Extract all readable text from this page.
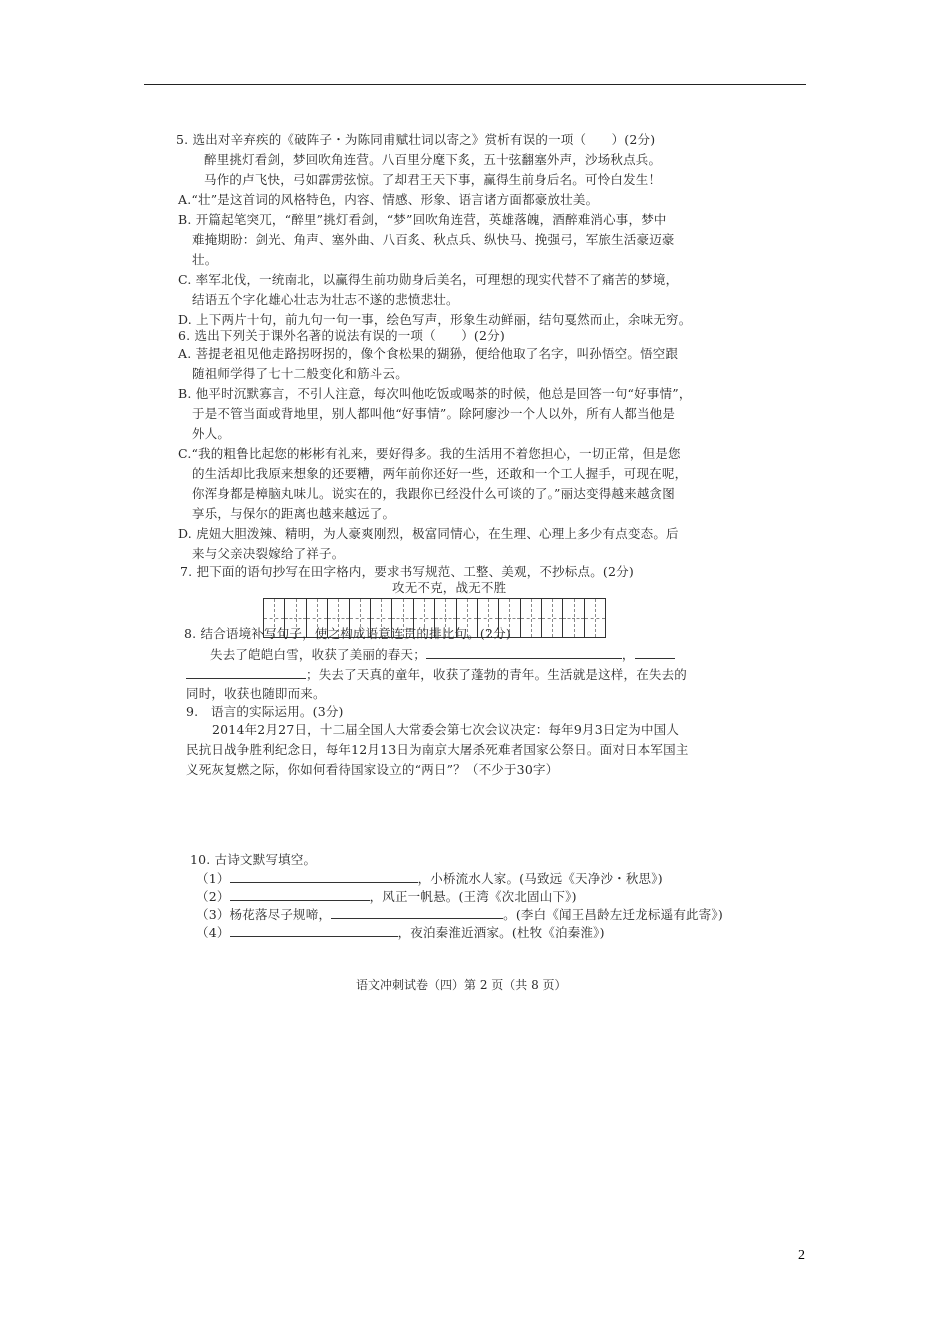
5. 选出对辛弃疾的《破阵子・为陈同甫赋壮词以寄之》赏析有误的一项（　　）(2分)
醉里挑灯看剑，梦回吹角连营。八百里分麾下炙，五十弦翻塞外声，沙场秋点兵。
马作的卢飞快，弓如霹雳弦惊。了却君王天下事，赢得生前身后名。可怜白发生！
A.“壮”是这首词的风格特色，内容、情感、形象、语言诸方面都豪放壮美。
B. 开篇起笔突兀，“醉里”挑灯看剑，“梦”回吹角连营，英雄落魄，酒醉难消心事，梦中
难掩期盼：剑光、角声、塞外曲、八百炙、秋点兵、纵快马、挽强弓，军旅生活豪迈豪
壮。
C. 率军北伐，一统南北，以赢得生前功勋身后美名，可理想的现实代替不了痛苦的梦境，
结语五个字化雄心壮志为壮志不遂的悲愤悲壮。
D. 上下两片十句，前九句一句一事，绘色写声，形象生动鲜丽，结句戛然而止，余味无穷。
6. 选出下列关于课外名著的说法有误的一项（　　）(2分)
A. 菩提老祖见他走路拐呀拐的，像个食松果的猢狲，便给他取了名字，叫孙悟空。悟空跟
随祖师学得了七十二般变化和筋斗云。
B. 他平时沉默寡言，不引人注意，每次叫他吃饭或喝茶的时候，他总是回答一句“好事情”，
于是不管当面或背地里，别人都叫他“好事情”。除阿廖沙一个人以外，所有人都当他是
外人。
C.“我的粗鲁比起您的彬彬有礼来，要好得多。我的生活用不着您担心，一切正常，但是您
的生活却比我原来想象的还要糟，两年前你还好一些，还敢和一个工人握手，可现在呢，
你浑身都是樟脑丸味儿。说实在的，我跟你已经没什么可谈的了。”丽达变得越来越贪图
享乐，与保尔的距离也越来越远了。
D. 虎妞大胆泼辣、精明，为人豪爽刚烈，极富同情心，在生理、心理上多少有点变态。后
来与父亲决裂嫁给了祥子。
7. 把下面的语句抄写在田字格内，要求书写规范、工整、美观，不抄标点。(2分)
攻无不克，战无不胜
8. 结合语境补写句子，使之构成语意连贯的排比句。(2分)
失去了皑皑白雪，收获了美丽的春天；	，
；失去了天真的童年，收获了蓬勃的青年。生活就是这样，在失去的
同时，收获也随即而来。
9.　语言的实际运用。(3分)
2014年2月27日，十二届全国人大常委会第七次会议决定：每年9月3日定为中国人
民抗日战争胜利纪念日，每年12月13日为南京大屠杀死难者国家公祭日。面对日本军国主
义死灰复燃之际，你如何看待国家设立的“两日”？（不少于30字）
10. 古诗文默写填空。
（1）	，小桥流水人家。(马致远《天净沙・秋思》)
（2）	，风正一帆悬。(王湾《次北固山下》)
（3）杨花落尽子规啼，	。(李白《闻王昌龄左迁龙标遥有此寄》)
（4）	，夜泊秦淮近酒家。(杜牧《泊秦淮》)
语文冲刺试卷（四）第 2 页（共 8 页）
2
